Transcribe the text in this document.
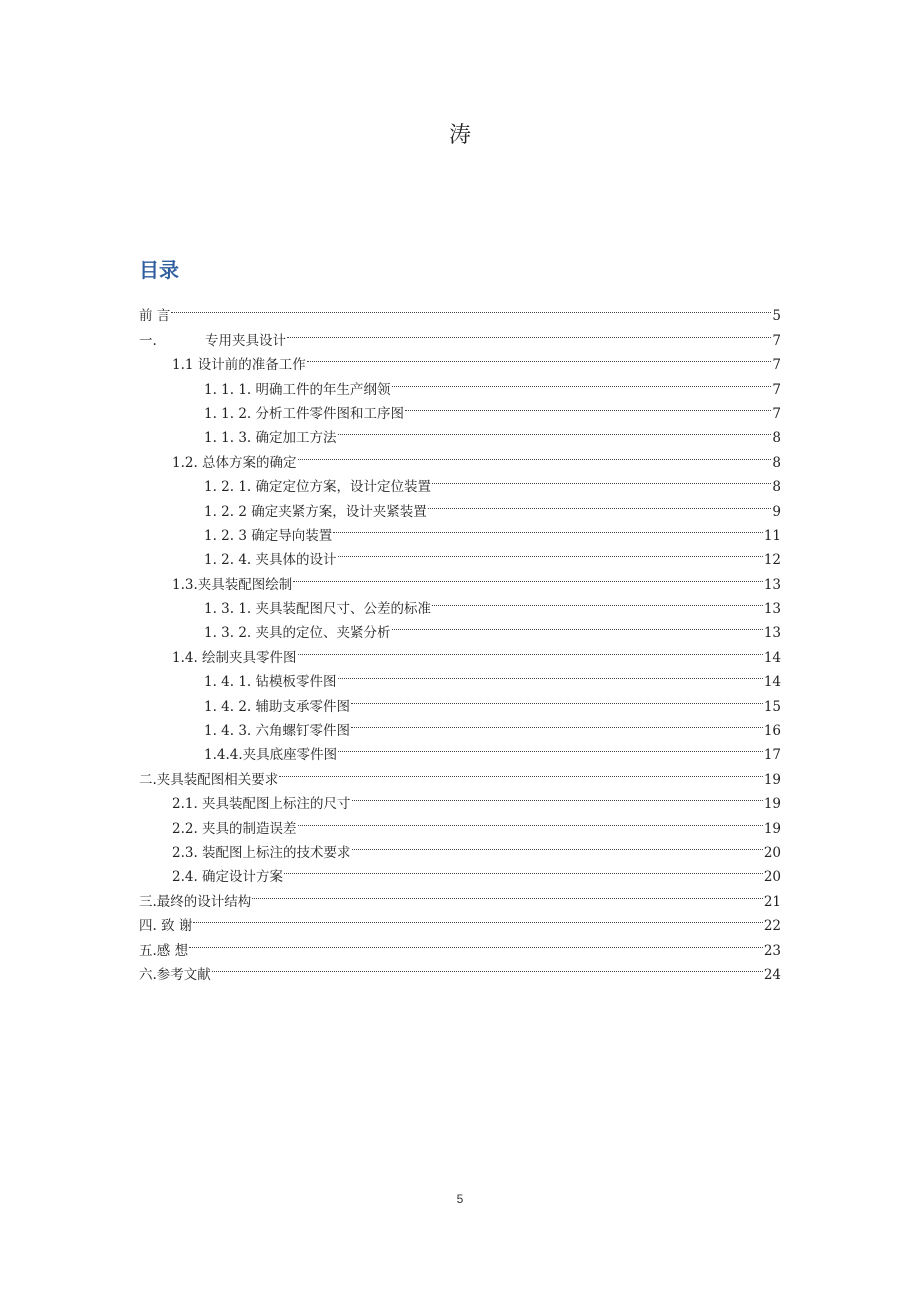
涛
目录
前 言	5
一.	专用夹具设计	7
1.1 设计前的准备工作	7
1. 1. 1. 明确工件的年生产纲领	7
1. 1. 2. 分析工件零件图和工序图	7
1. 1. 3. 确定加工方法	8
1.2. 总体方案的确定	8
1. 2. 1. 确定定位方案，设计定位装置	8
1. 2. 2 确定夹紧方案，设计夹紧装置	9
1. 2. 3 确定导向装置	11
1. 2. 4. 夹具体的设计	12
1.3.夹具装配图绘制	13
1. 3. 1. 夹具装配图尺寸、公差的标准	13
1. 3. 2. 夹具的定位、夹紧分析	13
1.4. 绘制夹具零件图	14
1. 4. 1. 钻模板零件图	14
1. 4. 2. 辅助支承零件图	15
1. 4. 3. 六角螺钉零件图	16
1.4.4.夹具底座零件图	17
二.夹具装配图相关要求	19
2.1. 夹具装配图上标注的尺寸	19
2.2. 夹具的制造误差	19
2.3. 装配图上标注的技术要求	20
2.4. 确定设计方案	20
三.最终的设计结构	21
四. 致 谢	22
五.感 想	23
六.参考文献	24
5
